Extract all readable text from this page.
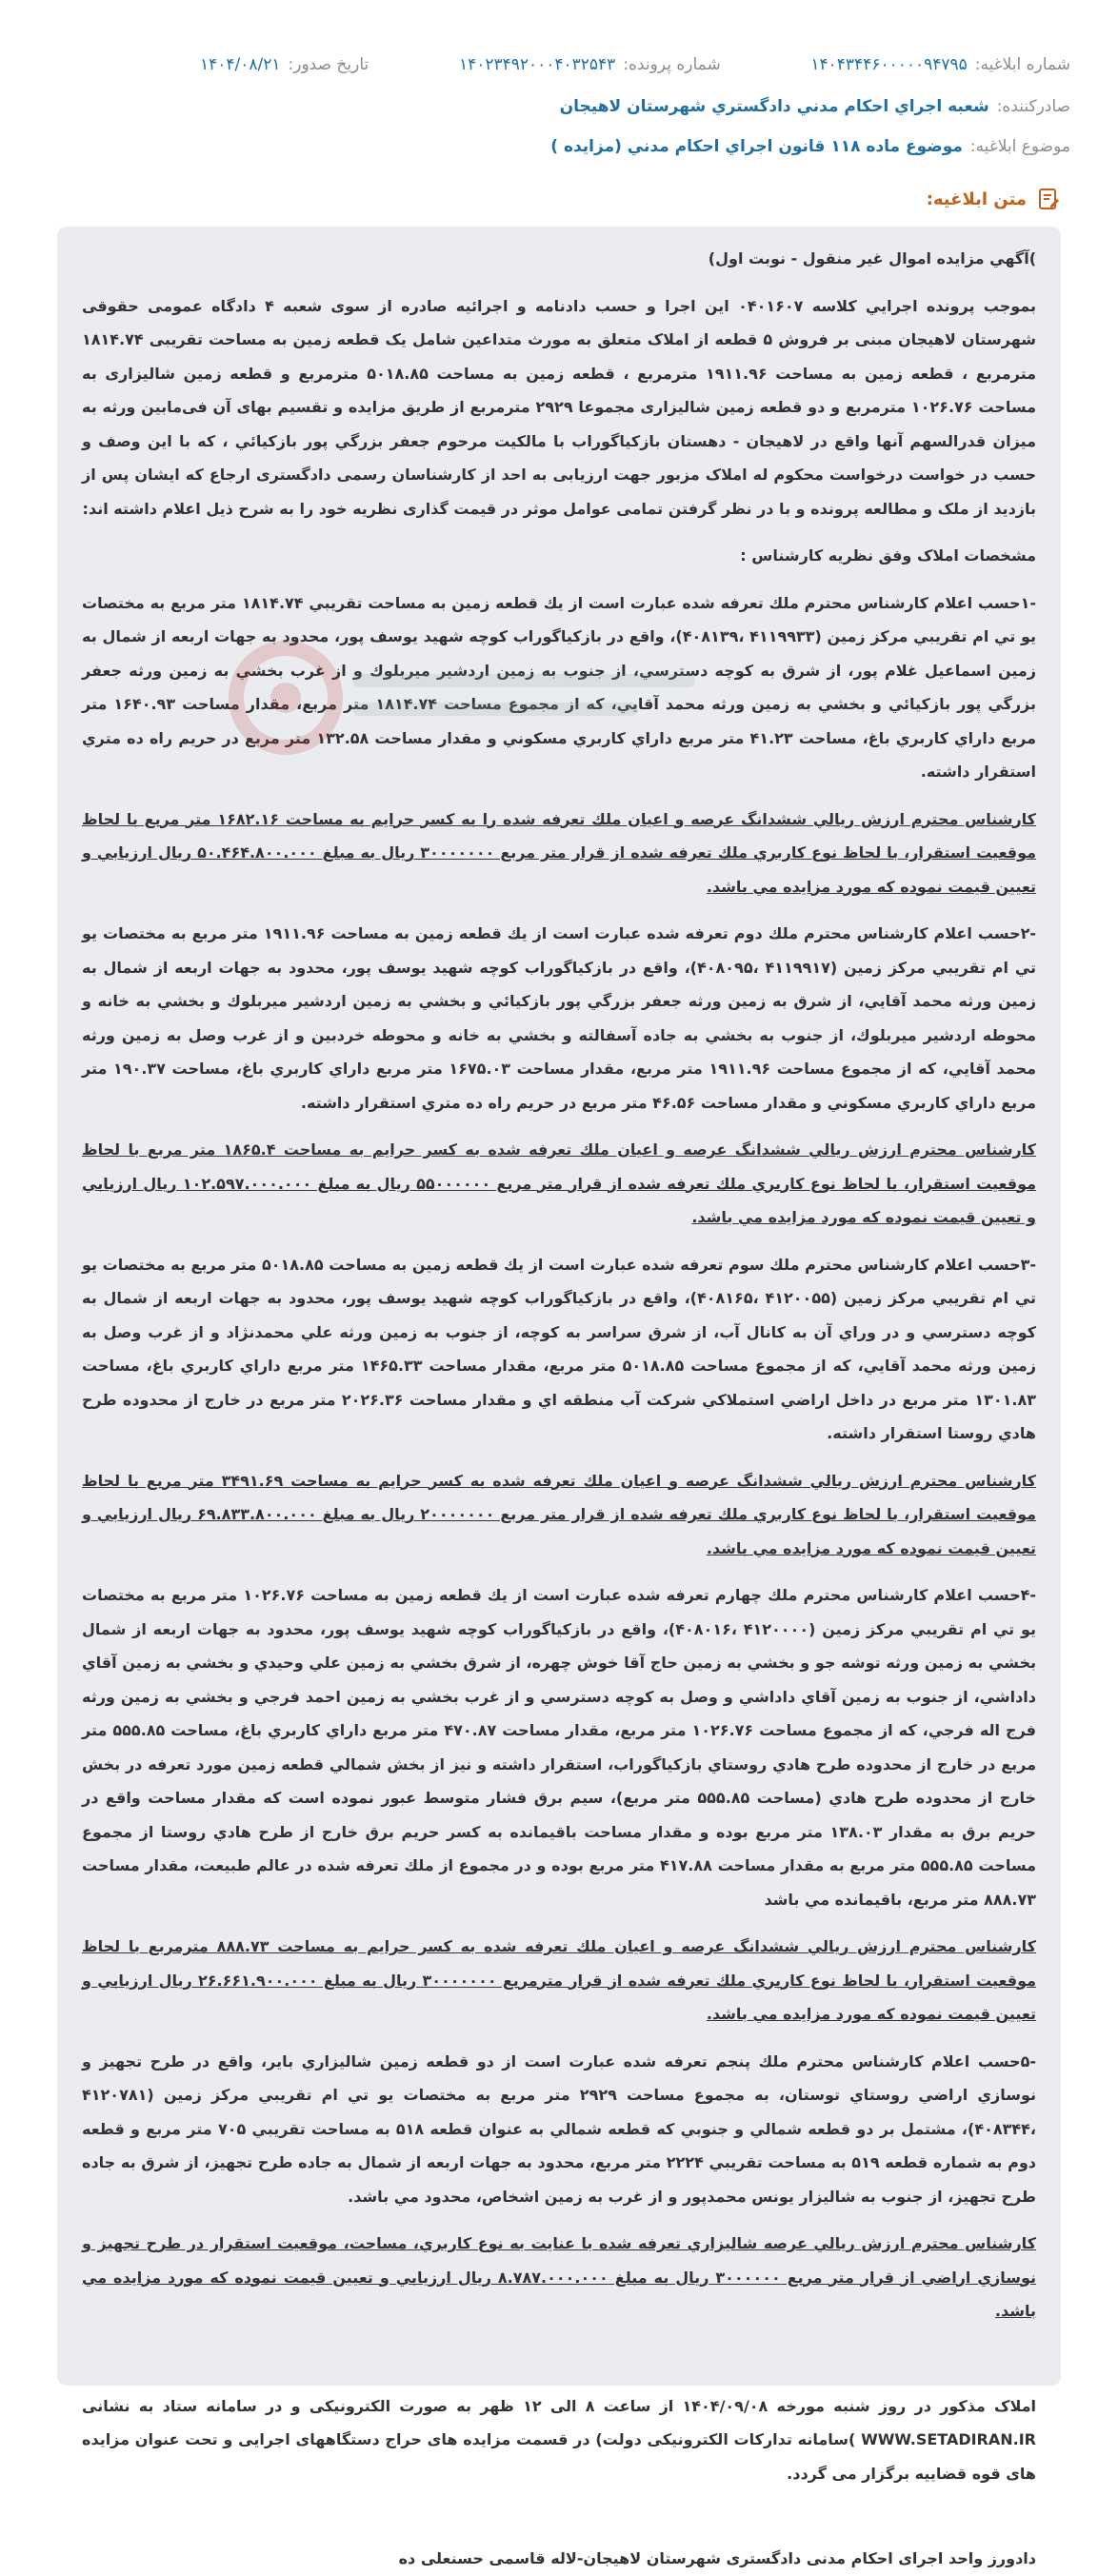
شماره ابلاغيه:
۱۴۰۴۳۴۴۶۰۰۰۰۰۹۴۷۹۵
شماره پرونده:
۱۴۰۲۳۴۹۲۰۰۰۴۰۳۲۵۴۳
تاريخ صدور:
۱۴۰۴/۰۸/۲۱
صادرکننده:
شعبه اجراي احكام مدني دادگستري شهرستان لاهيجان
موضوع ابلاغيه:
موضوع ماده ۱۱۸ قانون اجراي احکام مدني (مزايده )
متن ابلاغيه:

)آگهي مزايده اموال غير منقول - نوبت اول)

بموجب پرونده اجرايي كلاسه ۰۴۰۱۶۰۷ اين اجرا و حسب دادنامه و اجرائيه صادره از سوی شعبه ۴ دادگاه عمومی حقوقی شهرستان لاهيجان مبنی بر فروش ۵ قطعه از املاک متعلق به مورث متداعين شامل يک قطعه زمين به مساحت تقريبی ۱۸۱۴.۷۴ مترمربع ، قطعه زمين به مساحت ۱۹۱۱.۹۶ مترمربع ، قطعه زمين به مساحت ۵۰۱۸.۸۵ مترمربع و قطعه زمين شاليزاری به مساحت ۱۰۲۶.۷۶ مترمربع و دو قطعه زمين شاليزاری مجموعا ۲۹۲۹ مترمربع از طريق مزايده و تقسيم بهای آن فی‌مابين ورثه به ميزان قدرالسهم آنها واقع در لاهيجان - دهستان بازكياگوراب با مالكيت مرحوم جعفر بزرگي پور بازكيائي ، كه با اين وصف و حسب در خواست درخواست محكوم له املاک مزبور جهت ارزيابی به احد از كارشناسان رسمی دادگستری ارجاع كه ايشان پس از بازديد از ملک و مطالعه پرونده و با در نظر گرفتن تمامی عوامل موثر در قيمت گذاری نظريه خود را به شرح ذيل اعلام داشته اند:

مشخصات املاک وفق نظريه كارشناس :

-۱حسب اعلام كارشناس محترم ملك تعرفه شده عبارت است از يك قطعه زمين به مساحت تقريبي ۱۸۱۴.۷۴ متر مربع به مختصات يو تي ام تقريبي مركز زمين (۴۱۱۹۹۳۳ ،۴۰۸۱۳۹)، واقع در بازكياگوراب كوچه شهيد يوسف پور، محدود به جهات اربعه از شمال به زمين اسماعيل غلام پور، از شرق به كوچه دسترسي، از جنوب به زمين اردشير ميربلوك و از غرب بخشي به زمين ورثه جعفر بزرگي پور بازكيائي و بخشي به زمين ورثه محمد آقايي، كه از مجموع مساحت ۱۸۱۴.۷۴ متر مربع، مقدار مساحت ۱۶۴۰.۹۳ متر مربع داراي كاربري باغ، مساحت ۴۱.۲۳ متر مربع داراي كاربري مسكوني و مقدار مساحت ۱۳۲.۵۸ متر مربع در حريم راه ده متري استقرار داشته.

كارشناس محترم ارزش ريالي ششدانگ عرصه و اعيان ملك تعرفه شده را به كسر حرايم به مساحت ۱۶۸۲.۱۶ متر مربع با لحاظ موقعيت استقرار، با لحاظ نوع كاربري ملك تعرفه شده از قرار متر مربع ۳۰۰۰۰۰۰۰ ريال به مبلغ ۵۰.۴۶۴.۸۰۰.۰۰۰ ريال ارزيابي و تعيين قيمت نموده كه مورد مزايده مي باشد.

-۲حسب اعلام كارشناس محترم ملك دوم تعرفه شده عبارت است از يك قطعه زمين به مساحت ۱۹۱۱.۹۶ متر مربع به مختصات يو تي ام تقريبي مركز زمين (۴۱۱۹۹۱۷ ،۴۰۸۰۹۵)، واقع در بازكياگوراب كوچه شهيد يوسف پور، محدود به جهات اربعه از شمال به زمين ورثه محمد آقايي، از شرق به زمين ورثه جعفر بزرگي پور بازكيائي و بخشي به زمين اردشير ميربلوك و بخشي به خانه و محوطه اردشير ميربلوك، از جنوب به بخشي به جاده آسفالته و بخشي به خانه و محوطه خردبين و از غرب وصل به زمين ورثه محمد آقايي، كه از مجموع مساحت ۱۹۱۱.۹۶ متر مربع، مقدار مساحت ۱۶۷۵.۰۳ متر مربع داراي كاربري باغ، مساحت ۱۹۰.۳۷ متر مربع داراي كاربري مسكوني و مقدار مساحت ۴۶.۵۶ متر مربع در حريم راه ده متري استقرار داشته.

كارشناس محترم ارزش ريالي ششدانگ عرصه و اعيان ملك تعرفه شده به كسر حرايم به مساحت ۱۸۶۵.۴ متر مربع با لحاظ موقعيت استقرار، با لحاظ نوع كاربري ملك تعرفه شده از قرار متر مربع ۵۵۰۰۰۰۰۰ ريال به مبلغ ۱۰۲.۵۹۷.۰۰۰.۰۰۰ ريال ارزيابي و تعيين قيمت نموده كه مورد مزايده مي باشد.

-۳حسب اعلام كارشناس محترم ملك سوم تعرفه شده عبارت است از يك قطعه زمين به مساحت ۵۰۱۸.۸۵ متر مربع به مختصات يو تي ام تقريبي مركز زمين (۴۱۲۰۰۵۵ ،۴۰۸۱۶۵)، واقع در بازكياگوراب كوچه شهيد يوسف پور، محدود به جهات اربعه از شمال به كوچه دسترسي و در وراي آن به كانال آب، از شرق سراسر به كوچه، از جنوب به زمين ورثه علي محمدنژاد و از غرب وصل به زمين ورثه محمد آقايي، كه از مجموع مساحت ۵۰۱۸.۸۵ متر مربع، مقدار مساحت ۱۴۶۵.۳۳ متر مربع داراي كاربري باغ، مساحت ۱۳۰۱.۸۳ متر مربع در داخل اراضي استملاكي شركت آب منطقه اي و مقدار مساحت ۲۰۲۶.۳۶ متر مربع در خارج از محدوده طرح هادي روستا استقرار داشته.

كارشناس محترم ارزش ريالي ششدانگ عرصه و اعيان ملك تعرفه شده به كسر حرايم به مساحت ۳۴۹۱.۶۹ متر مربع با لحاظ موقعيت استقرار، با لحاظ نوع كاربري ملك تعرفه شده از قرار متر مربع ۲۰۰۰۰۰۰۰ ريال به مبلغ ۶۹.۸۳۳.۸۰۰.۰۰۰ ريال ارزيابي و تعيين قيمت نموده كه مورد مزايده مي باشد.

-۴حسب اعلام كارشناس محترم ملك چهارم تعرفه شده عبارت است از يك قطعه زمين به مساحت ۱۰۲۶.۷۶ متر مربع به مختصات يو تي ام تقريبي مركز زمين (۴۱۲۰۰۰۰ ،۴۰۸۰۱۶)، واقع در بازكياگوراب كوچه شهيد يوسف پور، محدود به جهات اربعه از شمال بخشي به زمين ورثه توشه جو و بخشي به زمين حاج آقا خوش چهره، از شرق بخشي به زمين علي وحيدي و بخشي به زمين آقاي داداشي، از جنوب به زمين آقاي داداشي و وصل به كوچه دسترسي و از غرب بخشي به زمين احمد فرجي و بخشي به زمين ورثه فرج اله فرجي، كه از مجموع مساحت ۱۰۲۶.۷۶ متر مربع، مقدار مساحت ۴۷۰.۸۷ متر مربع داراي كاربري باغ، مساحت ۵۵۵.۸۵ متر مربع در خارج از محدوده طرح هادي روستاي بازكياگوراب، استقرار داشته و نيز از بخش شمالي قطعه زمين مورد تعرفه در بخش خارج از محدوده طرح هادي (مساحت ۵۵۵.۸۵ متر مربع)، سيم برق فشار متوسط عبور نموده است كه مقدار مساحت واقع در حريم برق به مقدار ۱۳۸.۰۳ متر مربع بوده و مقدار مساحت باقيمانده به كسر حريم برق خارج از طرح هادي روستا از مجموع مساحت ۵۵۵.۸۵ متر مربع به مقدار مساحت ۴۱۷.۸۸ متر مربع بوده و در مجموع از ملك تعرفه شده در عالم طبيعت، مقدار مساحت ۸۸۸.۷۳ متر مربع، باقيمانده مي باشد

كارشناس محترم ارزش ريالي ششدانگ عرصه و اعيان ملك تعرفه شده به كسر حرايم به مساحت ۸۸۸.۷۳ مترمربع با لحاظ موقعيت استقرار، با لحاظ نوع كاربري ملك تعرفه شده از قرار مترمربع ۳۰۰۰۰۰۰۰ ريال به مبلغ ۲۶.۶۶۱.۹۰۰.۰۰۰ ريال ارزيابي و تعيين قيمت نموده كه مورد مزايده مي باشد.

-۵حسب اعلام كارشناس محترم ملك پنجم تعرفه شده عبارت است از دو قطعه زمين شاليزاري باير، واقع در طرح تجهيز و نوسازي اراضي روستاي توستان، به مجموع مساحت ۲۹۲۹ متر مربع به مختصات يو تي ام تقريبي مركز زمين (۴۱۲۰۷۸۱ ،۴۰۸۳۴۴)، مشتمل بر دو قطعه شمالي و جنوبي كه قطعه شمالي به عنوان قطعه ۵۱۸ به مساحت تقريبي ۷۰۵ متر مربع و قطعه دوم به شماره قطعه ۵۱۹ به مساحت تقريبي ۲۲۲۴ متر مربع، محدود به جهات اربعه از شمال به جاده طرح تجهيز، از شرق به جاده طرح تجهيز، از جنوب به شاليزار يونس محمدپور و از غرب به زمين اشخاص، محدود مي باشد.

كارشناس محترم ارزش ريالي عرصه شاليزاري تعرفه شده با عنايت به نوع كاربري، مساحت، موقعيت استقرار در طرح تجهيز و نوسازي اراضي از قرار متر مربع ۳۰۰۰۰۰۰ ريال به مبلغ ۸.۷۸۷.۰۰۰.۰۰۰ ريال ارزيابي و تعيين قيمت نموده كه مورد مزايده مي باشد.

املاک مذكور در روز شنبه مورخه ۱۴۰۴/۰۹/۰۸ از ساعت ۸ الی ۱۲ ظهر به صورت الكترونيكی و در سامانه ستاد به نشانی WWW.SETADIRAN.IR )سامانه تداركات الكترونيكی دولت) در قسمت مزايده های حراج دستگاههای اجرايی و تحت عنوان مزايده های قوه قضاييه برگزار می گردد.

دادورز واحد اجرای احكام مدنی دادگستری شهرستان لاهيجان-لاله قاسمی حسنعلی ده
